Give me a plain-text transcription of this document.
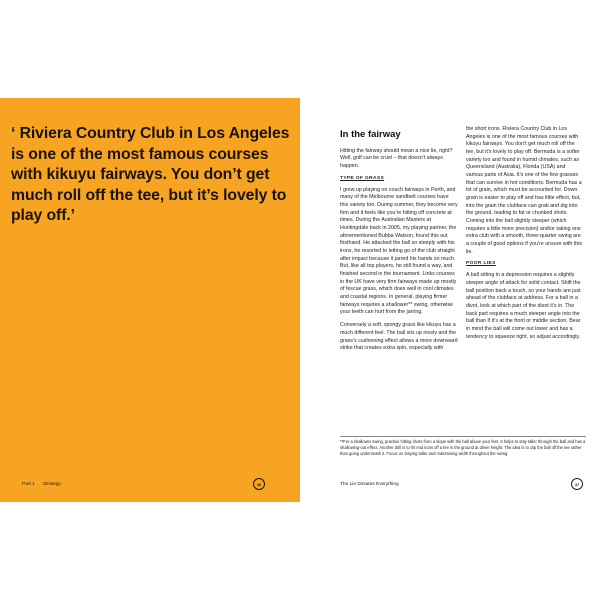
‘ Riviera Country Club in Los Angeles is one of the most famous courses with kikuyu fairways. You don’t get much roll off the tee, but it’s lovely to play off.’

Part 1 Strategy	46
In the fairway

Hitting the fairway should mean a nice lie, right? Well, golf can be cruel – that doesn’t always happen.

TYPE OF GRASS

I grew up playing on couch fairways in Perth, and many of the Melbourne sandbelt courses have this variety too. During summer, they become very firm and it feels like you’re hitting off concrete at times. During the Australian Masters at Huntingdale back in 2005, my playing partner, the aforementioned Bubba Watson, found this out firsthand. He attacked the ball so steeply with his irons, he resorted to letting go of the club straight after impact because it jarred his hands so much. But, like all top players, he still found a way, and finished second in the tournament. Links courses in the UK have very firm fairways made up mostly of fescue grass, which does well in cool climates and coastal regions. In general, playing firmer fairways requires a shallower** swing, otherwise your teeth can hurt from the jarring.

Conversely a soft, spongy grass like kikuyu has a much different feel. The ball sits up nicely and the grass’s cushioning effect allows a more downward strike that creates extra spin, especially with

the short irons. Riviera Country Club in Los Angeles is one of the most famous courses with kikuyu fairways. You don’t get much roll off the tee, but it’s lovely to play off. Bermuda is a softer variety too and found in humid climates, such as Queensland (Australia), Florida (USA) and various parts of Asia. It’s one of the few grasses that can survive in hot conditions. Bermuda has a lot of grain, which must be accounted for. Down grain is easier to play off and has little effect, but, into the grain the clubface can grab and dig into the ground, leading to fat or chunked shots. Coming into the ball slightly steeper (which requires a little more precision) and/or taking one extra club with a smooth, three-quarter swing are a couple of good options if you’re unsure with this lie.

POOR LIES

A ball sitting in a depression requires a slightly steeper angle of attack for solid contact. Shift the ball position back a touch, so your hands are just ahead of the clubface at address. For a ball in a divot, look at which part of the divot it’s in. The back part requires a much steeper angle into the ball than if it’s at the front or middle section. Bear in mind the ball will come out lower and has a tendency to squeeze right, so adjust accordingly.

**For a shallower swing, practise hitting shots from a slope with the ball above your feet. It helps to stay taller through the ball and has a shallowing-out effect. Another drill is to hit mid irons off a tee in the ground at driver height. The idea is to clip the ball off the tee rather than going underneath it. Focus on staying taller and maintaining width throughout the swing.

The Lie Dictates Everything	47
